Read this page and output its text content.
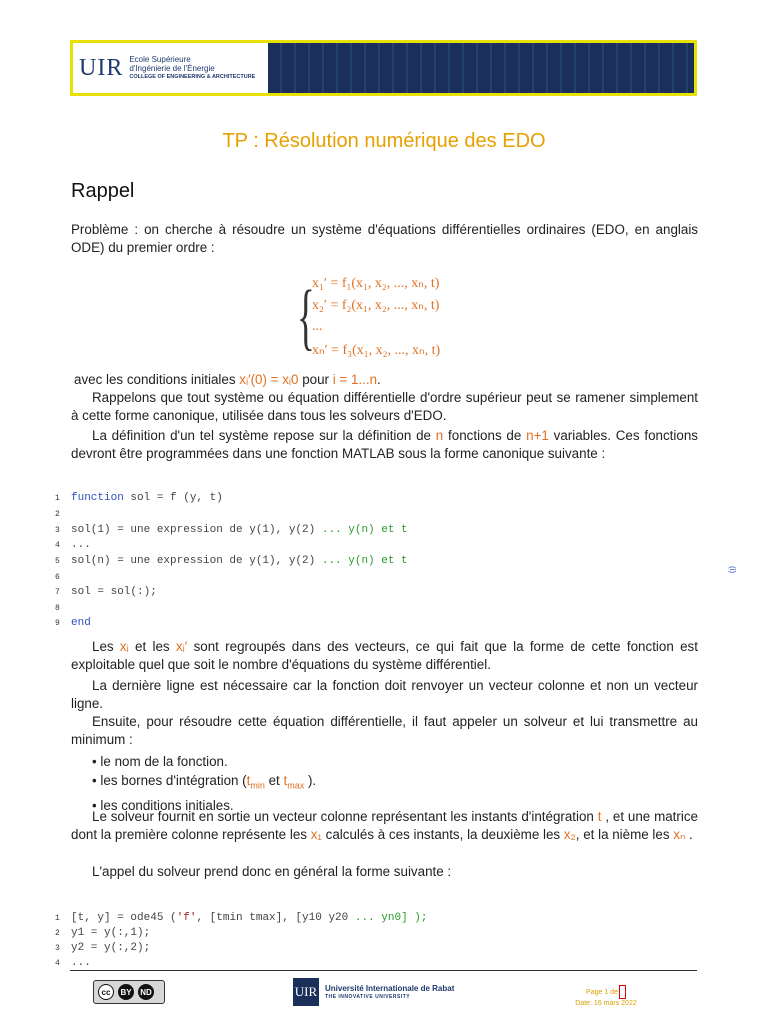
UIR Ecole Supérieure
d'Ingénierie de l'Énergie
COLLEGE OF ENGINEERING & ARCHITECTURE
TP : Résolution numérique des EDO
Rappel
Problème : on cherche à résoudre un système d'équations différentielles ordinaires (EDO, en anglais ODE) du premier ordre :
{
x₁′ = f₁(x₁, x₂, ..., xₙ, t)
x₂′ = f₂(x₁, x₂, ..., xₙ, t)
...
xₙ′ = f₃(x₁, x₂, ..., xₙ, t)
avec les conditions initiales xᵢ′(0) = xᵢ0 pour i = 1...n.
Rappelons que tout système ou équation différentielle d'ordre supérieur peut se ramener simplement à cette forme canonique, utilisée dans tous les solveurs d'EDO.
La définition d'un tel système repose sur la définition de n fonctions de n+1 variables. Ces fonctions devront être programmées dans une fonction MATLAB sous la forme canonique suivante :
1 function sol = f (y, t)
2
3 sol(1) = une expression de y(1), y(2) ... y(n) et t
4 ...
5 sol(n) = une expression de y(1), y(2) ... y(n) et t
6
7 sol = sol(:);
8
9 end
Les xᵢ et les xᵢ′ sont regroupés dans des vecteurs, ce qui fait que la forme de cette fonction est exploitable quel que soit le nombre d'équations du système différentiel.
La dernière ligne est nécessaire car la fonction doit renvoyer un vecteur colonne et non un vecteur ligne.
Ensuite, pour résoudre cette équation différentielle, il faut appeler un solveur et lui transmettre au minimum :
• le nom de la fonction.
• les bornes d'intégration ($t_{min}$ et $t_{max}$ ).
• les conditions initiales.
Le solveur fournit en sortie un vecteur colonne représentant les instants d'intégration t , et une matrice dont la première colonne représente les x₁ calculés à ces instants, la deuxième les x₂, et la nième les xₙ .
L'appel du solveur prend donc en général la forme suivante :
1 [t, y] = ode45 ('f', [tmin tmax], [y10 y20 ... yn0] );
2 y1 = y(:,1);
3 y2 = y(:,2);
4 ...
(i)
cc	BY	ND	UIR Université Internationale de Rabat
THE INNOVATIVE UNIVERSITY
Page 1 de
Date: 16 mars 2022
